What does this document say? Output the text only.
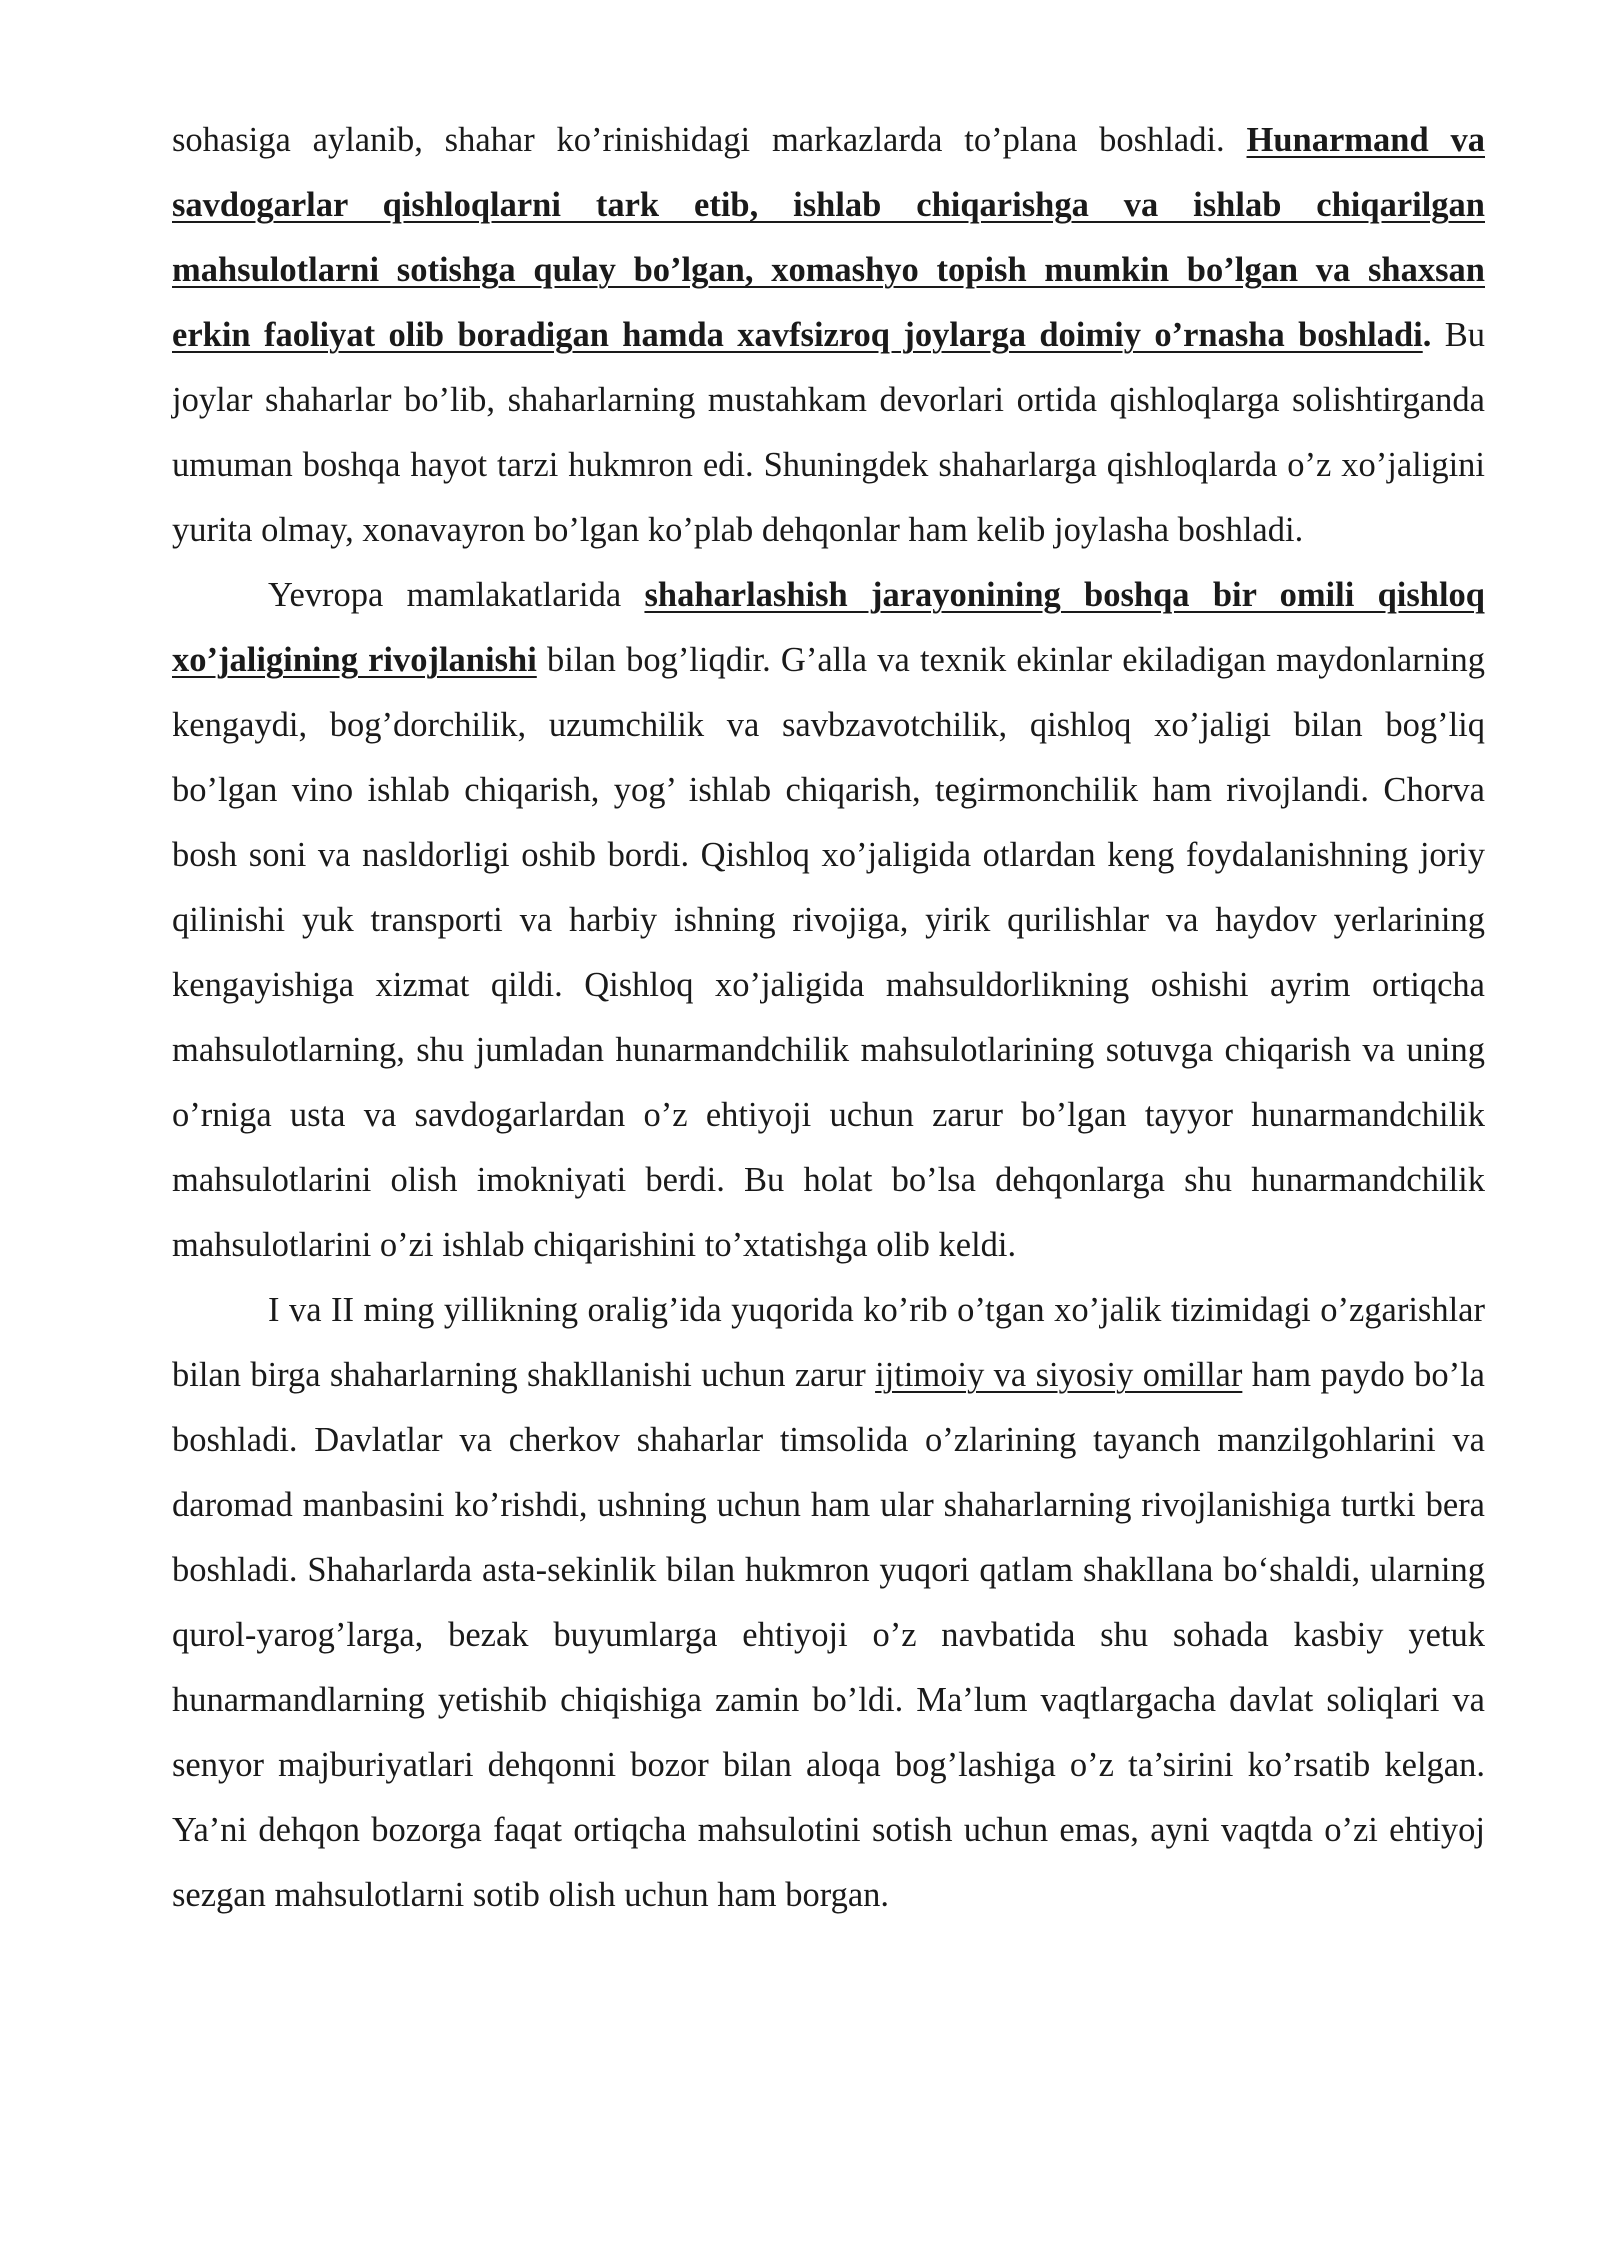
sohasiga aylanib, shahar ko’rinishidagi markazlarda to’plana boshladi. Hunarmand va savdogarlar qishloqlarni tark etib, ishlab chiqarishga va ishlab chiqarilgan mahsulotlarni sotishga qulay bo’lgan, xomashyo topish mumkin bo’lgan va shaxsan erkin faoliyat olib boradigan hamda xavfsizroq joylarga doimiy o’rnasha boshladi. Bu joylar shaharlar bo’lib, shaharlarning mustahkam devorlari ortida qishloqlarga solishtirganda umuman boshqa hayot tarzi hukmron edi. Shuningdek shaharlarga qishloqlarda o’z xo’jaligini yurita olmay, xonavayron bo’lgan ko’plab dehqonlar ham kelib joylasha boshladi.

Yevropa mamlakatlarida shaharlashish jarayonining boshqa bir omili qishloq xo’jaligining rivojlanishi bilan bog’liqdir. G’alla va texnik ekinlar ekiladigan maydonlarning kengaydi, bog’dorchilik, uzumchilik va savbzavotchilik, qishloq xo’jaligi bilan bog’liq bo’lgan vino ishlab chiqarish, yog’ ishlab chiqarish, tegirmonchilik ham rivojlandi. Chorva bosh soni va nasldorligi oshib bordi. Qishloq xo’jaligida otlardan keng foydalanishning joriy qilinishi yuk transporti va harbiy ishning rivojiga, yirik qurilishlar va haydov yerlarining kengayishiga xizmat qildi. Qishloq xo’jaligida mahsuldorlikning oshishi ayrim ortiqcha mahsulotlarning, shu jumladan hunarmandchilik mahsulotlarining sotuvga chiqarish va uning o’rniga usta va savdogarlardan o’z ehtiyoji uchun zarur bo’lgan tayyor hunarmandchilik mahsulotlarini olish imokniyati berdi. Bu holat bo’lsa dehqonlarga shu hunarmandchilik mahsulotlarini o’zi ishlab chiqarishini to’xtatishga olib keldi.

I va II ming yillikning oralig’ida yuqorida ko’rib o’tgan xo’jalik tizimidagi o’zgarishlar bilan birga shaharlarning shakllanishi uchun zarur ijtimoiy va siyosiy omillar ham paydo bo’la boshladi. Davlatlar va cherkov shaharlar timsolida o’zlarining tayanch manzilgohlarini va daromad manbasini ko’rishdi, ushning uchun ham ular shaharlarning rivojlanishiga turtki bera boshladi. Shaharlarda asta-sekinlik bilan hukmron yuqori qatlam shakllana bo‘shaldi, ularning qurol-yarog’larga, bezak buyumlarga ehtiyoji o’z navbatida shu sohada kasbiy yetuk hunarmandlarning yetishib chiqishiga zamin bo’ldi. Ma’lum vaqtlargacha davlat soliqlari va senyor majburiyatlari dehqonni bozor bilan aloqa bog’lashiga o’z ta’sirini ko’rsatib kelgan. Ya’ni dehqon bozorga faqat ortiqcha mahsulotini sotish uchun emas, ayni vaqtda o’zi ehtiyoj sezgan mahsulotlarni sotib olish uchun ham borgan.
